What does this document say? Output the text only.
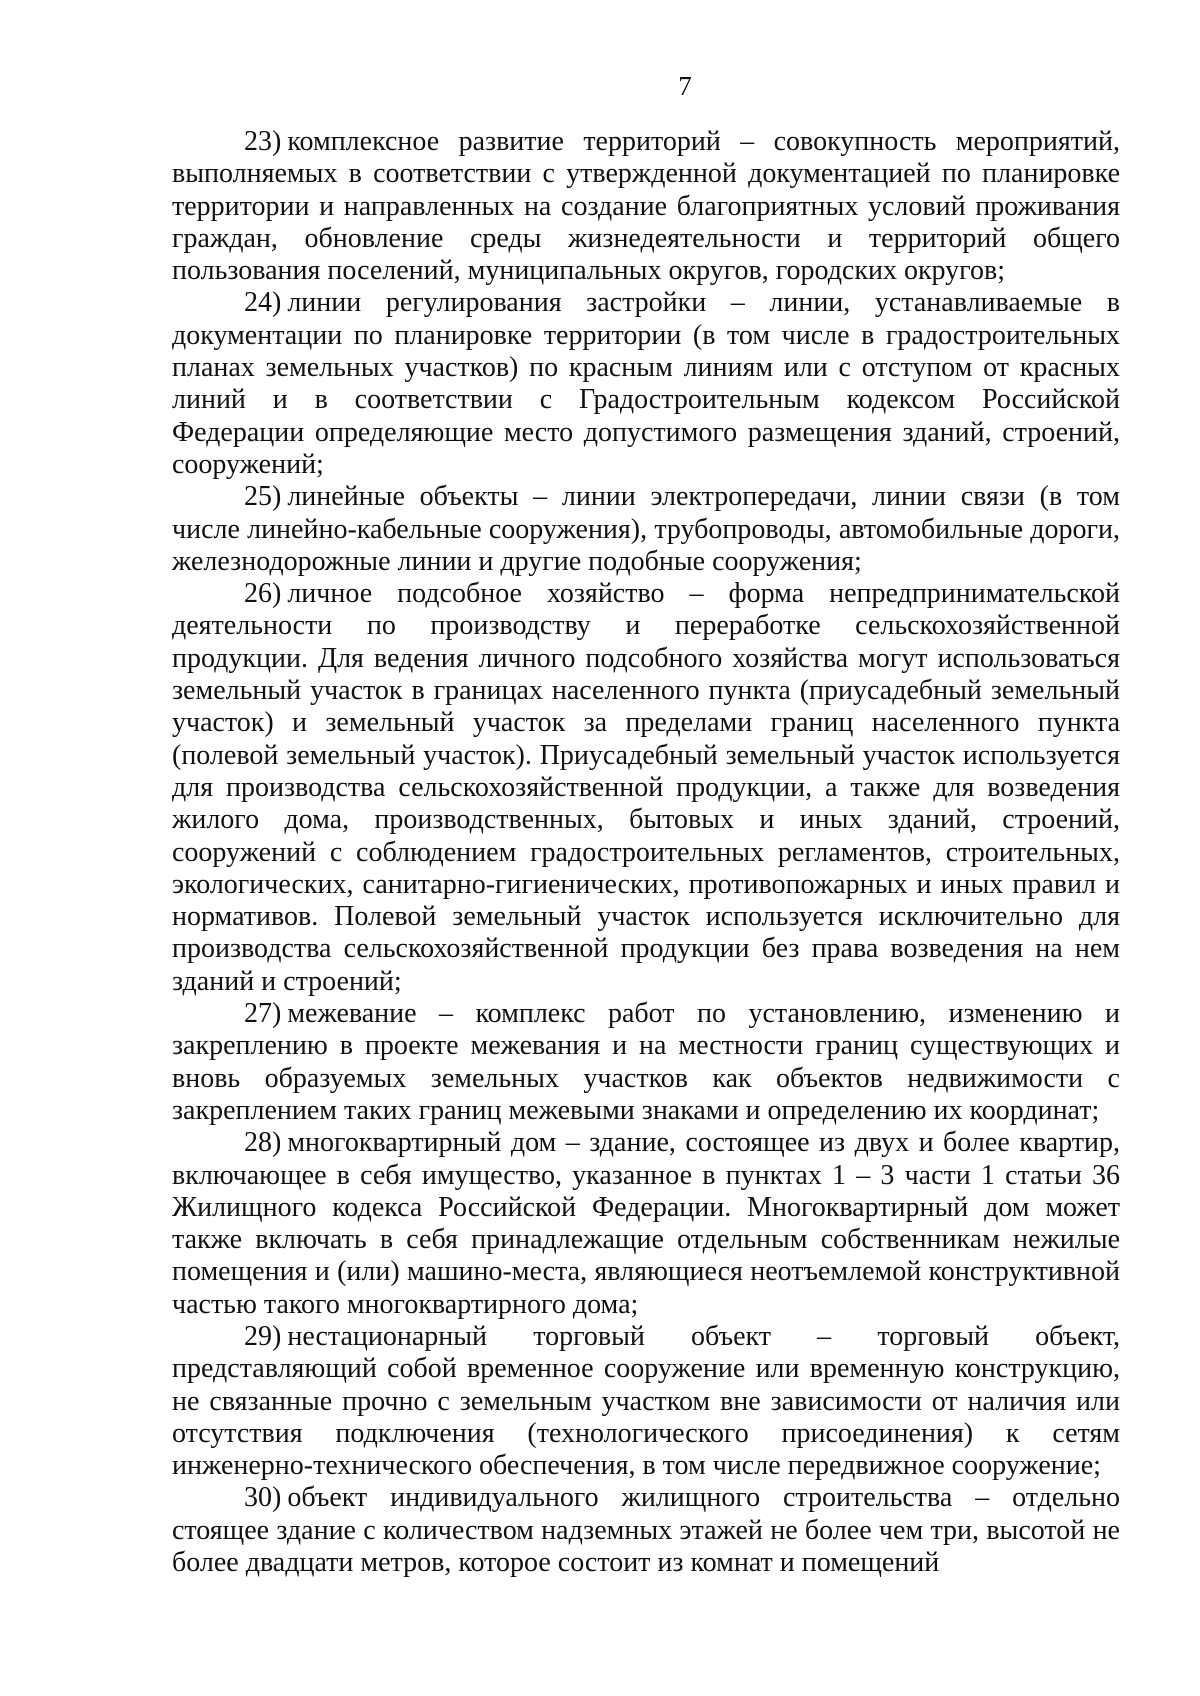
7

23) комплексное развитие территорий – совокупность мероприятий, выполняемых в соответствии с утвержденной документацией по планировке территории и направленных на создание благоприятных условий проживания граждан, обновление среды жизнедеятельности и территорий общего пользования поселений, муниципальных округов, городских округов;

24) линии регулирования застройки – линии, устанавливаемые в документации по планировке территории (в том числе в градостроительных планах земельных участков) по красным линиям или с отступом от красных линий и в соответствии с Градостроительным кодексом Российской Федерации определяющие место допустимого размещения зданий, строений, сооружений;

25) линейные объекты – линии электропередачи, линии связи (в том числе линейно-кабельные сооружения), трубопроводы, автомобильные дороги, железнодорожные линии и другие подобные сооружения;

26) личное подсобное хозяйство – форма непредпринимательской деятельности по производству и переработке сельскохозяйственной продукции. Для ведения личного подсобного хозяйства могут использоваться земельный участок в границах населенного пункта (приусадебный земельный участок) и земельный участок за пределами границ населенного пункта (полевой земельный участок). Приусадебный земельный участок используется для производства сельскохозяйственной продукции, а также для возведения жилого дома, производственных, бытовых и иных зданий, строений, сооружений с соблюдением градостроительных регламентов, строительных, экологических, санитарно-гигиенических, противопожарных и иных правил и нормативов. Полевой земельный участок используется исключительно для производства сельскохозяйственной продукции без права возведения на нем зданий и строений;

27) межевание – комплекс работ по установлению, изменению и закреплению в проекте межевания и на местности границ существующих и вновь образуемых земельных участков как объектов недвижимости с закреплением таких границ межевыми знаками и определению их координат;

28) многоквартирный дом – здание, состоящее из двух и более квартир, включающее в себя имущество, указанное в пунктах 1 – 3 части 1 статьи 36 Жилищного кодекса Российской Федерации. Многоквартирный дом может также включать в себя принадлежащие отдельным собственникам нежилые помещения и (или) машино-места, являющиеся неотъемлемой конструктивной частью такого многоквартирного дома;

29) нестационарный торговый объект – торговый объект, представляющий собой временное сооружение или временную конструкцию, не связанные прочно с земельным участком вне зависимости от наличия или отсутствия подключения (технологического присоединения) к сетям инженерно-технического обеспечения, в том числе передвижное сооружение;

30) объект индивидуального жилищного строительства – отдельно стоящее здание с количеством надземных этажей не более чем три, высотой не более двадцати метров, которое состоит из комнат и помещений
